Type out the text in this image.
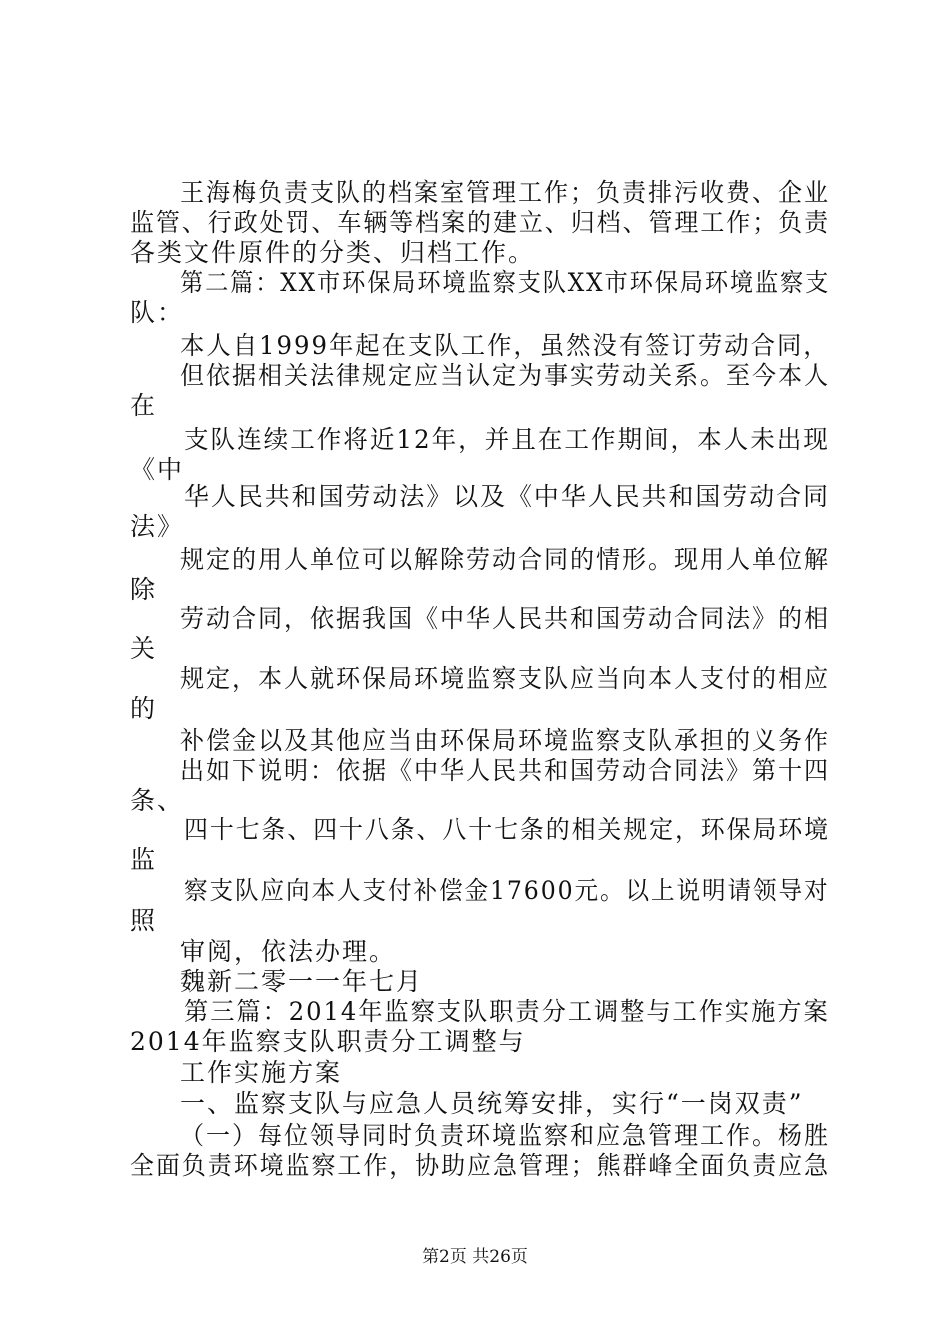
王海梅负责支队的档案室管理工作；负责排污收费、企业
监管、行政处罚、车辆等档案的建立、归档、管理工作；负责
各类文件原件的分类、归档工作。
第二篇：XX市环保局环境监察支队XX市环保局环境监察支
队：
本人自1999年起在支队工作，虽然没有签订劳动合同，
但依据相关法律规定应当认定为事实劳动关系。至今本人
在
支队连续工作将近12年，并且在工作期间，本人未出现
《中
华人民共和国劳动法》以及《中华人民共和国劳动合同
法》
规定的用人单位可以解除劳动合同的情形。现用人单位解
除
劳动合同，依据我国《中华人民共和国劳动合同法》的相
关
规定，本人就环保局环境监察支队应当向本人支付的相应
的
补偿金以及其他应当由环保局环境监察支队承担的义务作
出如下说明：依据《中华人民共和国劳动合同法》第十四
条、
四十七条、四十八条、八十七条的相关规定，环保局环境
监
察支队应向本人支付补偿金17600元。以上说明请领导对
照
审阅，依法办理。
魏新二零一一年七月
第三篇：2014年监察支队职责分工调整与工作实施方案
2014年监察支队职责分工调整与
工作实施方案
一、监察支队与应急人员统筹安排，实行“一岗双责”
（一）每位领导同时负责环境监察和应急管理工作。杨胜
全面负责环境监察工作，协助应急管理；熊群峰全面负责应急
第2页 共26页
